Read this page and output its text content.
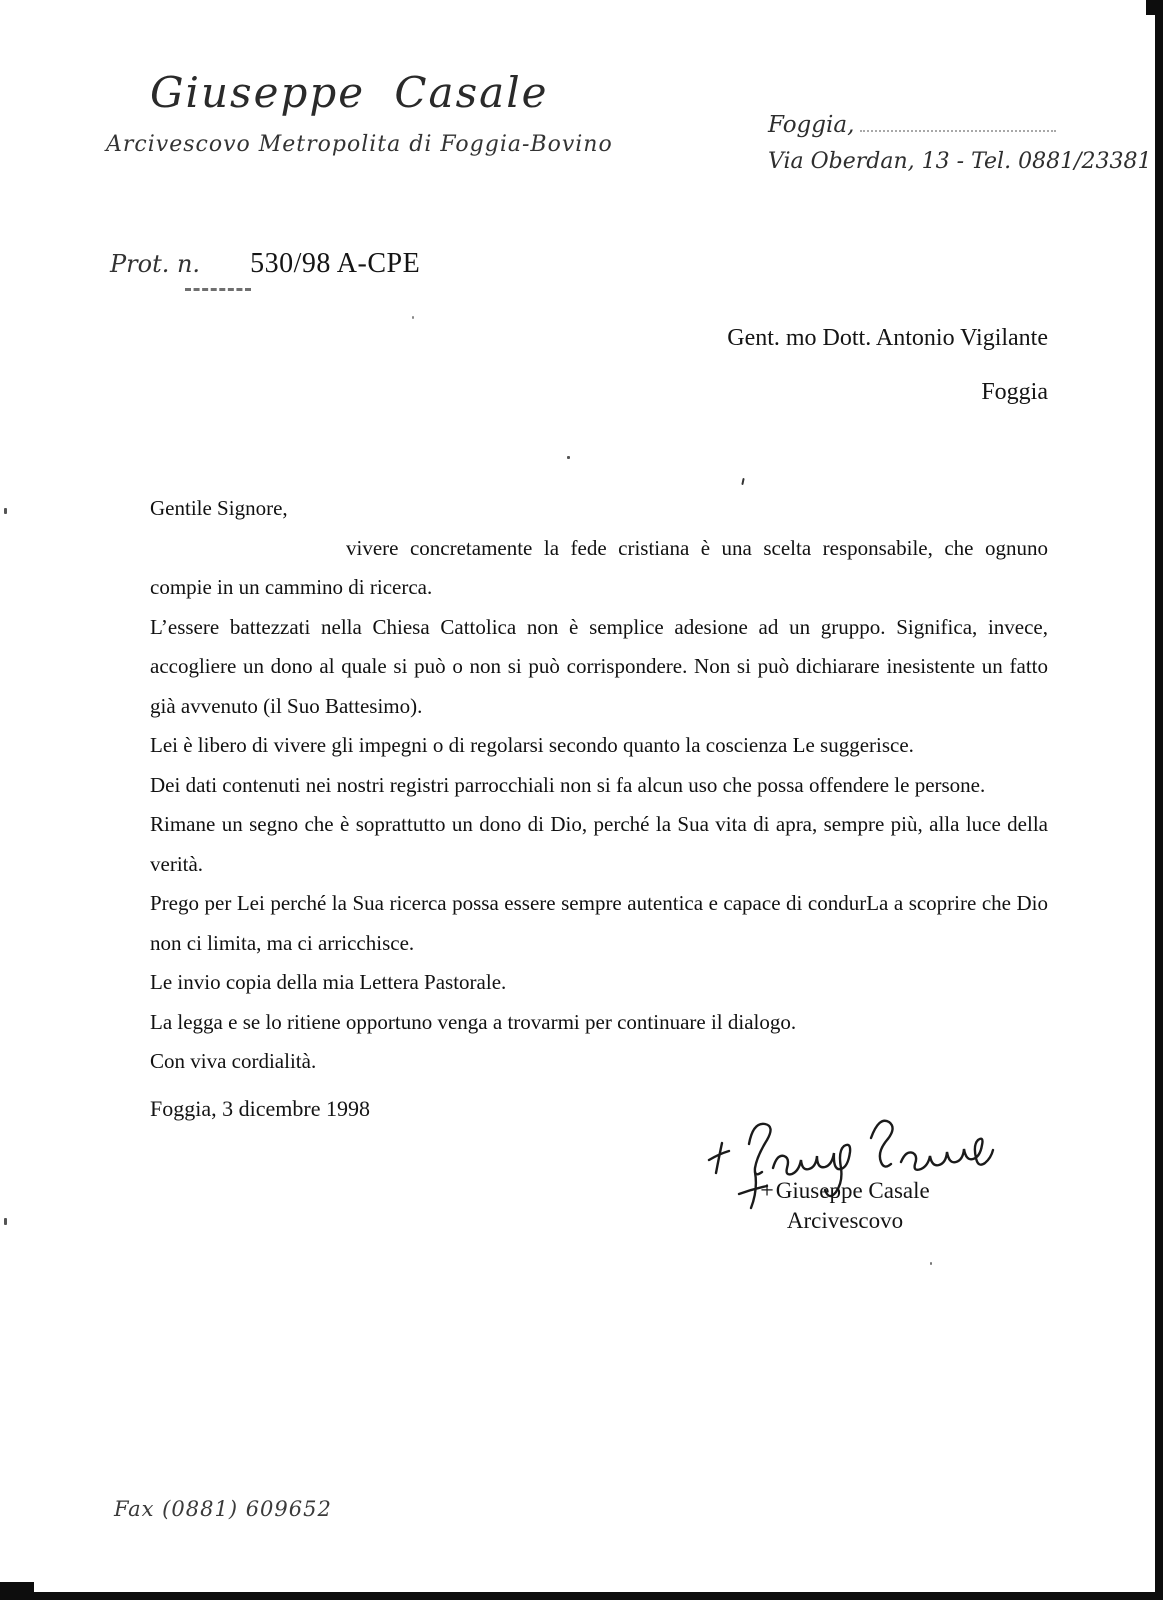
Giuseppe Casale
Arcivescovo Metropolita di Foggia-Bovino
Foggia,
Via Oberdan, 13 - Tel. 0881/23381
Prot. n. 530/98 A-CPE
Gent. mo Dott. Antonio Vigilante
Foggia

Gentile Signore,

vivere concretamente la fede cristiana è una scelta responsabile, che ognuno compie in un cammino di ricerca.

L’essere battezzati nella Chiesa Cattolica non è semplice adesione ad un gruppo. Significa, invece, accogliere un dono al quale si può o non si può corrispondere. Non si può dichiarare inesistente un fatto già avvenuto (il Suo Battesimo).

Lei è libero di vivere gli impegni o di regolarsi secondo quanto la coscienza Le suggerisce.

Dei dati contenuti nei nostri registri parrocchiali non si fa alcun uso che possa offendere le persone.

Rimane un segno che è soprattutto un dono di Dio, perché la Sua vita di apra, sempre più, alla luce della verità.

Prego per Lei perché la Sua ricerca possa essere sempre autentica e capace di condurLa a scoprire che Dio non ci limita, ma ci arricchisce.

Le invio copia della mia Lettera Pastorale.

La legga e se lo ritiene opportuno venga a trovarmi per continuare il dialogo.

Con viva cordialità.

Foggia, 3 dicembre 1998
+Giuseppe Casale
Arcivescovo
Fax (0881) 609652
